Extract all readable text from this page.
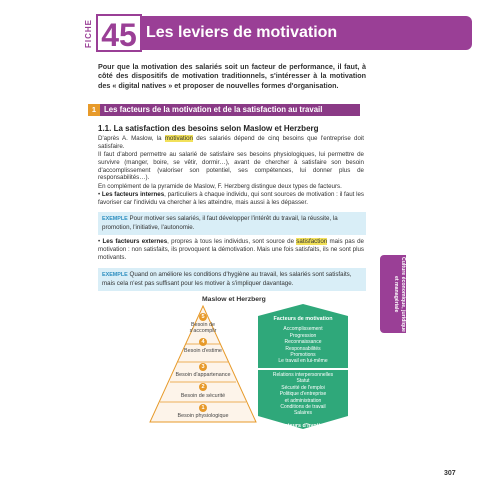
FICHE 45 Les leviers de motivation
Pour que la motivation des salariés soit un facteur de performance, il faut, à côté des dispositifs de motivation traditionnels, s'intéresser à la motivation des « digital natives » et proposer de nouvelles formes d'organisation.
1	Les facteurs de la motivation et de la satisfaction au travail
1.1. La satisfaction des besoins selon Maslow et Herzberg
D'après A. Maslow, la motivation des salariés dépend de cinq besoins que l'entreprise doit satisfaire.
Il faut d'abord permettre au salarié de satisfaire ses besoins physiologiques, lui permettre de survivre (manger, boire, se vêtir, dormir…), avant de chercher à satisfaire son besoin d'accomplissement (valoriser son potentiel, ses compétences, lui donner plus de responsabilités…).
En complément de la pyramide de Maslow, F. Herzberg distingue deux types de facteurs.
• Les facteurs internes, particuliers à chaque individu, qui sont sources de motivation : il faut les favoriser car l'individu va chercher à les atteindre, mais aussi à les dépasser.
EXEMPLE Pour motiver ses salariés, il faut développer l'intérêt du travail, la réussite, la promotion, l'initiative, l'autonomie.
• Les facteurs externes, propres à tous les individus, sont source de satisfaction mais pas de motivation : non satisfaits, ils provoquent la démotivation. Mais une fois satisfaits, ils ne sont plus motivants.
EXEMPLE Quand on améliore les conditions d'hygiène au travail, les salariés sont satisfaits, mais cela n'est pas suffisant pour les motiver à s'impliquer davantage.	Culture économique, juridique et managériale
Maslow et Herzberg
5
Besoin de s'accomplir
4
Besoin d'estime
3
Besoin d'appartenance
2
Besoin de sécurité
1
Besoin physiologique
Facteurs de motivation
Accomplissement
Progression
Reconnaissance
Responsabilités
Promotions
Le travail en lui-même
Relations interpersonnelles
Statut
Sécurité de l'emploi
Politique d'entreprise
et administration
Conditions de travail
Salaires
Facteurs d'hygiène
307
